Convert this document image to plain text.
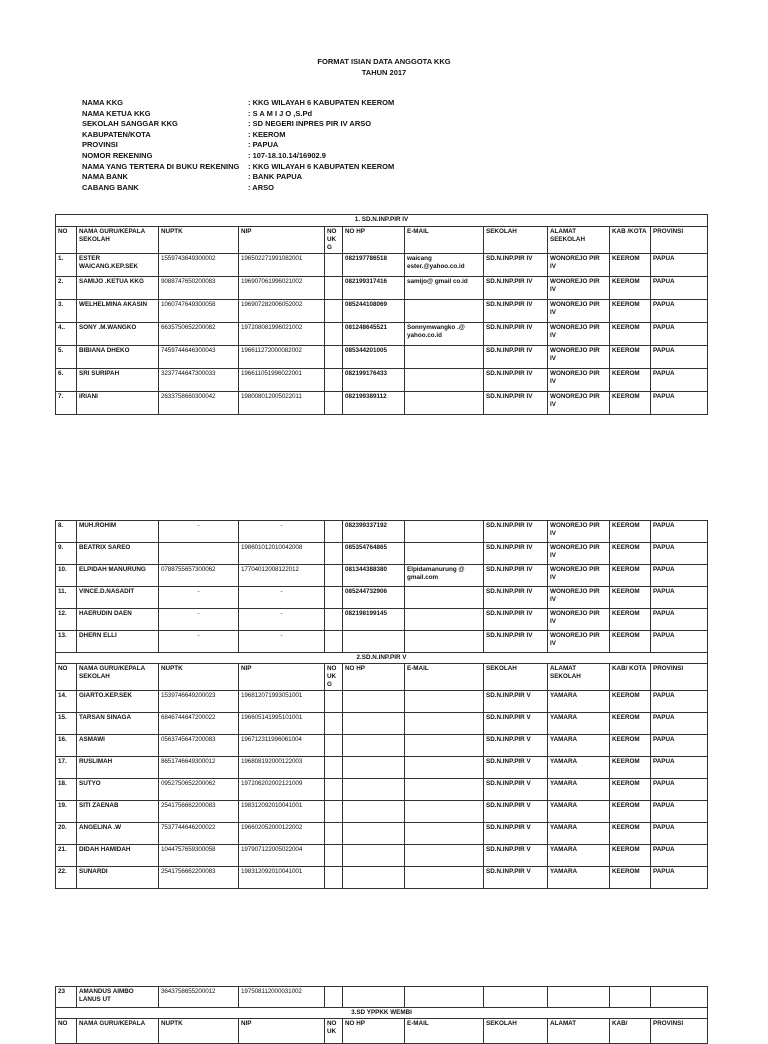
FORMAT ISIAN DATA ANGGOTA KKG
TAHUN 2017
NAMA KKG	: KKG WILAYAH 6 KABUPATEN KEEROM
NAMA KETUA KKG	: S A M I J O ,S.Pd
SEKOLAH SANGGAR KKG	: SD NEGERI INPRES PIR IV ARSO
KABUPATEN/KOTA	: KEEROM
PROVINSI	: PAPUA
NOMOR REKENING	: 107-18.10.14/16902.9
NAMA YANG TERTERA DI BUKU REKENING : KKG WILAYAH 6 KABUPATEN KEEROM
NAMA BANK	: BANK PAPUA
CABANG BANK	: ARSO
1. SD.N.INP.PIR IV										
NO	NAMA GURU/KEPALA SEKOLAH	NUPTK	NIP	NO UK G	NO HP	E-MAIL	SEKOLAH	ALAMAT SEEKOLAH	KAB /KOTA	PROVINSI
1.	ESTER WAICANG.KEP.SEK	1559743649300002	196502271991082001		082197786518	waicang ester.@yahoo.co.id	SD.N.INP.PIR IV	WONOREJO PIR IV	KEEROM	PAPUA
2.	SAMIJO .KETUA KKG	9088747650200083	196907061996021002		082199317416	samijo@ gmail co.id	SD.N.INP.PIR IV	WONOREJO PIR IV	KEEROM	PAPUA
3.	WELHELMINA AKASIN	1060747649300058	196907282006052002		085244108069		SD.N.INP.PIR IV	WONOREJO PIR IV	KEEROM	PAPUA
4..	SONY .M.WANGKO	6635750652200082	197208081996021002		081248645521	Sonnymwangko .@ yahoo.co.id	SD.N.INP.PIR IV	WONOREJO PIR IV	KEEROM	PAPUA
5.	BIBIANA DHEKO	7459744646300043	196611272000082002		085344201005		SD.N.INP.PIR IV	WONOREJO PIR IV	KEEROM	PAPUA
6.	SRI SURIPAH	3237744647300033	196611051996022001		082199176433		SD.N.INP.PIR IV	WONOREJO PIR IV	KEEROM	PAPUA
7.	IRIANI	2633758660300042	198008012005022011		082199389112		SD.N.INP.PIR IV	WONOREJO PIR IV	KEEROM	PAPUA
8.	MUH.ROHIM	-	-		082399337192		SD.N.INP.PIR IV	WONOREJO PIR IV	KEEROM	PAPUA
9.	BEATRIX SAREO		198601012010042008		085354764865		SD.N.INP.PIR IV	WONOREJO PIR IV	KEEROM	PAPUA
10.	ELPIDAH MANURUNG	0788755657300062	17704012008122012		081344388380	Elpidamanurung @ gmail.com	SD.N.INP.PIR IV	WONOREJO PIR IV	KEEROM	PAPUA
11.	VINCE.D.NASADIT	-	-		085244732906		SD.N.INP.PIR IV	WONOREJO PIR IV	KEEROM	PAPUA
12.	HAERUDIN DAEN	-	-		082198199145		SD.N.INP.PIR IV	WONOREJO PIR IV	KEEROM	PAPUA
13.	DHERN ELLI	-	-				SD.N.INP.PIR IV	WONOREJO PIR IV	KEEROM	PAPUA
2.SD.N.INP.PIR V										
NO	NAMA GURU/KEPALA SEKOLAH	NUPTK	NIP	NO UK G	NO HP	E-MAIL	SEKOLAH	ALAMAT SEKOLAH	KAB/ KOTA	PROVINSI
14.	GIARTO.KEP.SEK	1539746649200023	196812071993051001				SD.N.INP.PIR V	YAMARA	KEEROM	PAPUA
15.	TARSAN SINAGA	6846744647200022	196605141995101001				SD.N.INP.PIR V	YAMARA	KEEROM	PAPUA
16.	ASMAWI	0563745647200083	196712311996061004				SD.N.INP.PIR V	YAMARA	KEEROM	PAPUA
17.	RUSLIMAH	8651746649300012	196808192000122003				SD.N.INP.PIR V	YAMARA	KEEROM	PAPUA
18.	SUTYO	0952750652200062	197206202002121009				SD.N.INP.PIR V	YAMARA	KEEROM	PAPUA
19.	SITI ZAENAB	2541756662200083	198312092010041001				SD.N.INP.PIR V	YAMARA	KEEROM	PAPUA
20.	ANGELINA .W	7537744646200022	196602052000122002				SD.N.INP.PIR V	YAMARA	KEEROM	PAPUA
21.	DIDAH HAMIDAH	1044757659300058	197907122005022004				SD.N.INP.PIR V	YAMARA	KEEROM	PAPUA
22.	SUNARDI	2541756662200083	198312092010041001				SD.N.INP.PIR V	YAMARA	KEEROM	PAPUA
23	AMANDUS AIMBO LANUS UT	3643758655200012	197508112000031002							
3.SD YPPKK WEMBI										
NO	NAMA GURU/KEPALA	NUPTK	NIP	NO UK	NO HP	E-MAIL	SEKOLAH	ALAMAT	KAB/	PROVINSI
